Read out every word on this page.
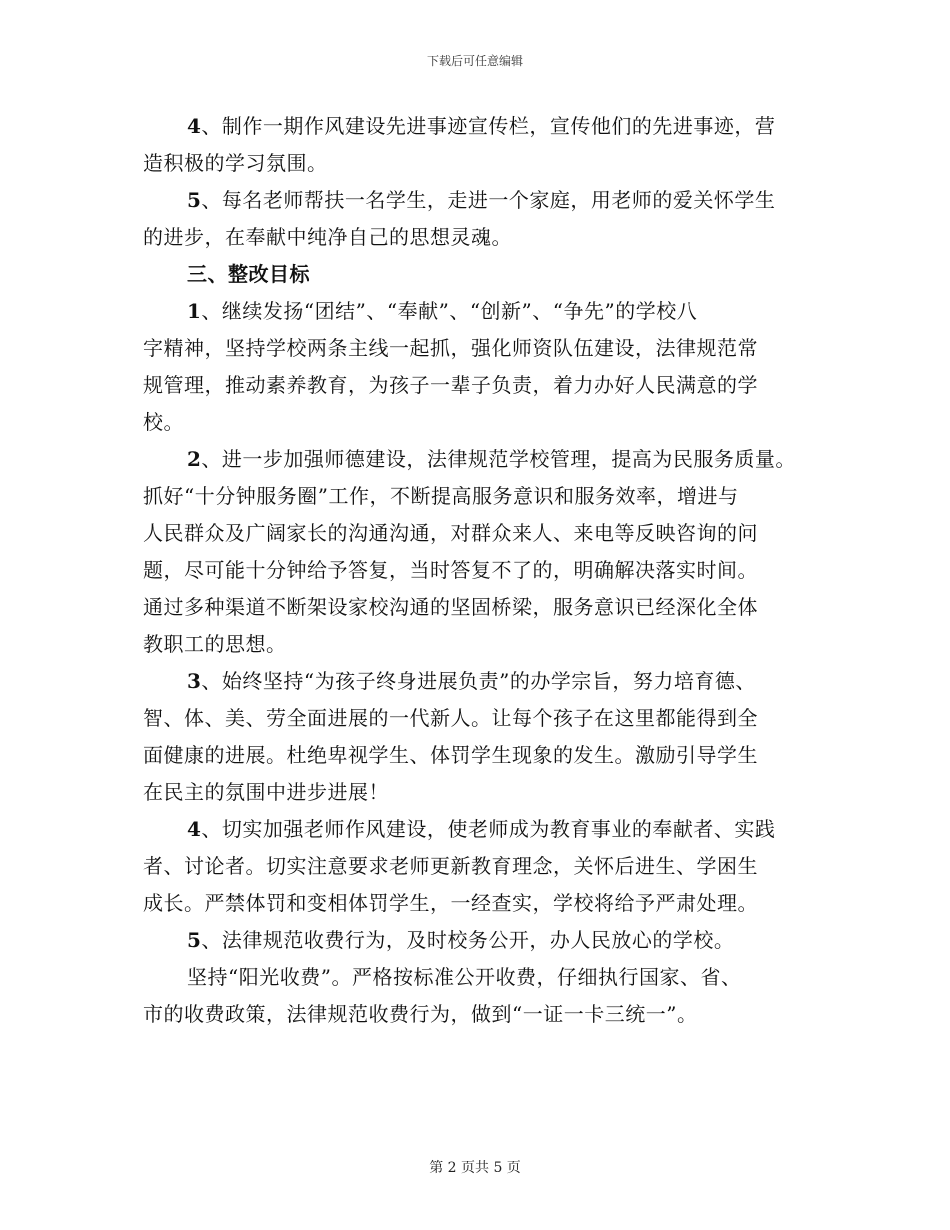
下载后可任意编辑
4、制作一期作风建设先进事迹宣传栏，宣传他们的先进事迹，营
造积极的学习氛围。
5、每名老师帮扶一名学生，走进一个家庭，用老师的爱关怀学生
的进步，在奉献中纯净自己的思想灵魂。
三、整改目标
1、继续发扬“团结”、“奉献”、“创新”、“争先”的学校八
字精神，坚持学校两条主线一起抓，强化师资队伍建设，法律规范常
规管理，推动素养教育，为孩子一辈子负责，着力办好人民满意的学
校。
2、进一步加强师德建设，法律规范学校管理，提高为民服务质量。
抓好“十分钟服务圈”工作，不断提高服务意识和服务效率，增进与
人民群众及广阔家长的沟通沟通，对群众来人、来电等反映咨询的问
题，尽可能十分钟给予答复，当时答复不了的，明确解决落实时间。
通过多种渠道不断架设家校沟通的坚固桥梁，服务意识已经深化全体
教职工的思想。
3、始终坚持“为孩子终身进展负责”的办学宗旨，努力培育德、
智、体、美、劳全面进展的一代新人。让每个孩子在这里都能得到全
面健康的进展。杜绝卑视学生、体罚学生现象的发生。激励引导学生
在民主的氛围中进步进展！
4、切实加强老师作风建设，使老师成为教育事业的奉献者、实践
者、讨论者。切实注意要求老师更新教育理念，关怀后进生、学困生
成长。严禁体罚和变相体罚学生，一经查实，学校将给予严肃处理。
5、法律规范收费行为，及时校务公开，办人民放心的学校。
坚持“阳光收费”。严格按标准公开收费，仔细执行国家、省、
市的收费政策，法律规范收费行为，做到“一证一卡三统一”。
第 2 页共 5 页
